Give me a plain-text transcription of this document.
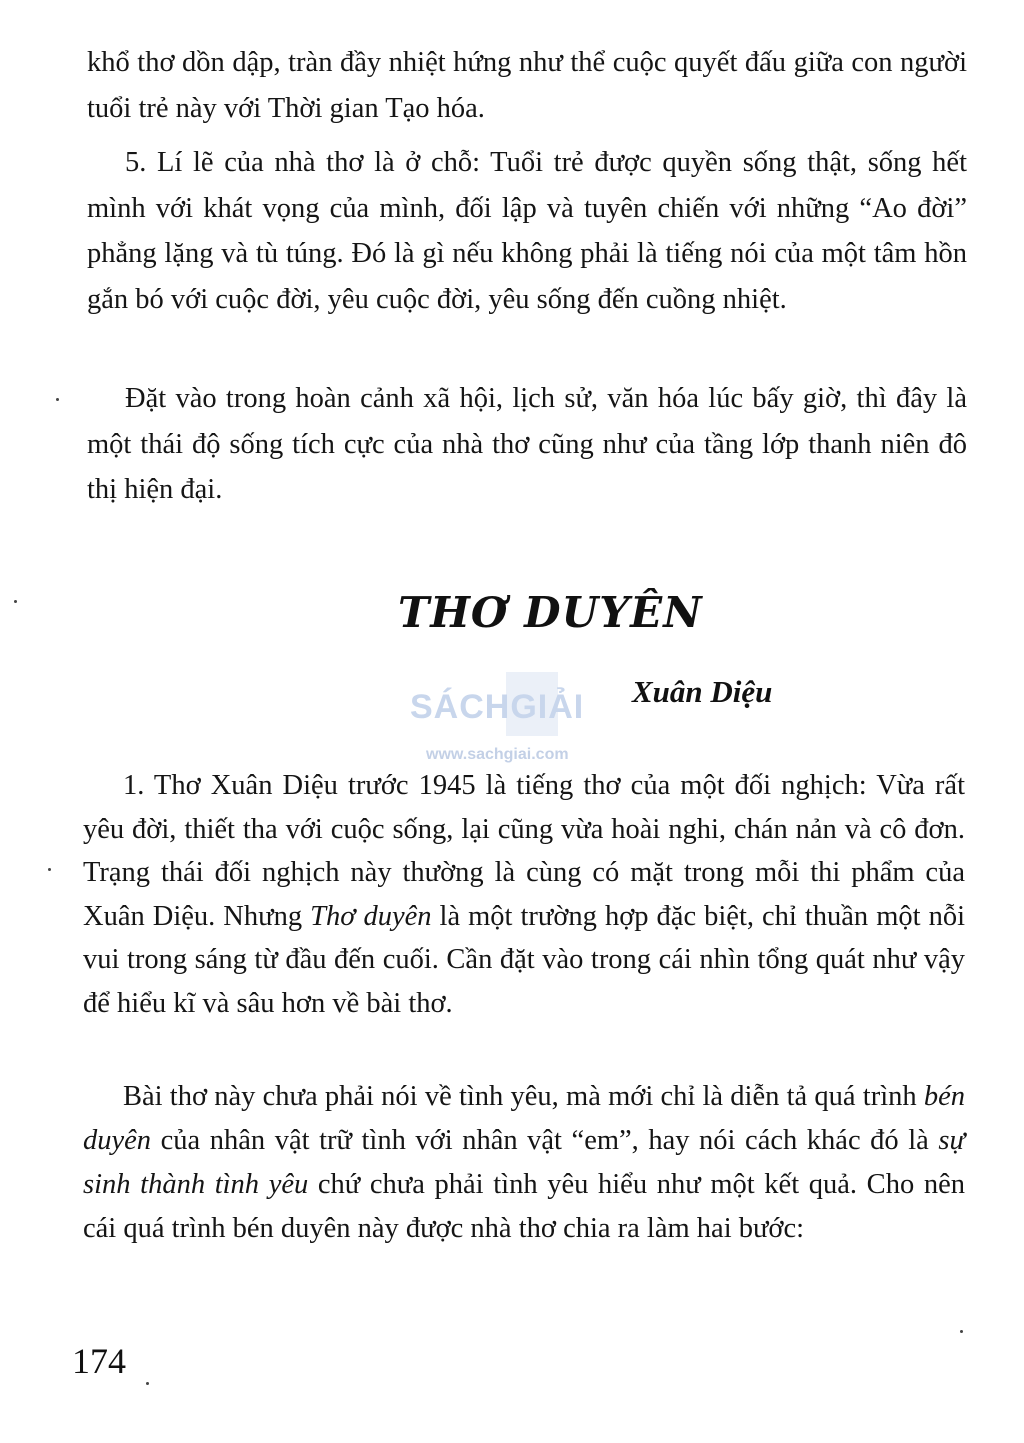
khổ thơ dồn dập, tràn đầy nhiệt hứng như thể cuộc quyết đấu giữa con người tuổi trẻ này với Thời gian Tạo hóa.

5. Lí lẽ của nhà thơ là ở chỗ: Tuổi trẻ được quyền sống thật, sống hết mình với khát vọng của mình, đối lập và tuyên chiến với những “Ao đời” phẳng lặng và tù túng. Đó là gì nếu không phải là tiếng nói của một tâm hồn gắn bó với cuộc đời, yêu cuộc đời, yêu sống đến cuồng nhiệt.

Đặt vào trong hoàn cảnh xã hội, lịch sử, văn hóa lúc bấy giờ, thì đây là một thái độ sống tích cực của nhà thơ cũng như của tầng lớp thanh niên đô thị hiện đại.

THƠ DUYÊN
SÁCHGIẢI
www.sachgiai.com

Xuân Diệu

1. Thơ Xuân Diệu trước 1945 là tiếng thơ của một đối nghịch: Vừa rất yêu đời, thiết tha với cuộc sống, lại cũng vừa hoài nghi, chán nản và cô đơn. Trạng thái đối nghịch này thường là cùng có mặt trong mỗi thi phẩm của Xuân Diệu. Nhưng Thơ duyên là một trường hợp đặc biệt, chỉ thuần một nỗi vui trong sáng từ đầu đến cuối. Cần đặt vào trong cái nhìn tổng quát như vậy để hiểu kĩ và sâu hơn về bài thơ.

Bài thơ này chưa phải nói về tình yêu, mà mới chỉ là diễn tả quá trình bén duyên của nhân vật trữ tình với nhân vật “em”, hay nói cách khác đó là sự sinh thành tình yêu chứ chưa phải tình yêu hiểu như một kết quả. Cho nên cái quá trình bén duyên này được nhà thơ chia ra làm hai bước:

174
